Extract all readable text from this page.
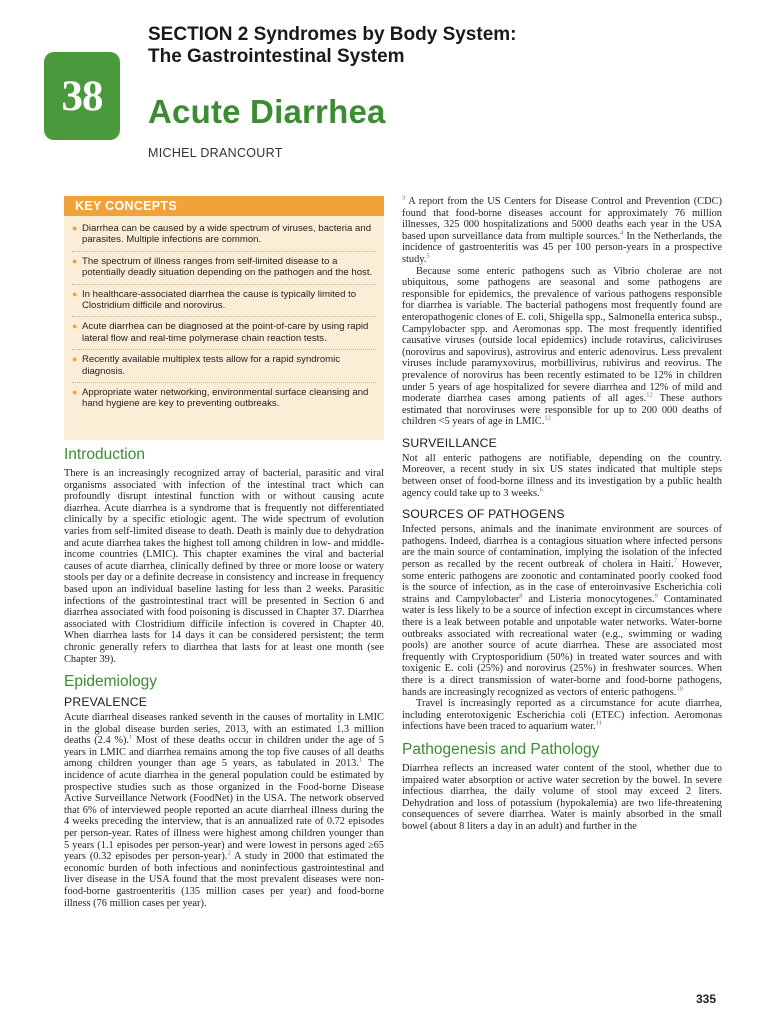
38
SECTION 2 Syndromes by Body System:
The Gastrointestinal System
Acute Diarrhea
MICHEL DRANCOURT
KEY CONCEPTS
● Diarrhea can be caused by a wide spectrum of viruses, bacteria and parasites. Multiple infections are common.
● The spectrum of illness ranges from self-limited disease to a potentially deadly situation depending on the pathogen and the host.
● In healthcare-associated diarrhea the cause is typically limited to Clostridium difficile and norovirus.
● Acute diarrhea can be diagnosed at the point-of-care by using rapid lateral flow and real-time polymerase chain reaction tests.
● Recently available multiplex tests allow for a rapid syndromic diagnosis.
● Appropriate water networking, environmental surface cleansing and hand hygiene are key to preventing outbreaks.
Introduction

There is an increasingly recognized array of bacterial, parasitic and viral organisms associated with infection of the intestinal tract which can profoundly disrupt intestinal function with or without causing acute diarrhea. Acute diarrhea is a syndrome that is frequently not differentiated clinically by a specific etiologic agent. The wide spectrum of evolution varies from self-limited disease to death. Death is mainly due to dehydration and acute diarrhea takes the highest toll among children in low- and middle-income countries (LMIC). This chapter examines the viral and bacterial causes of acute diarrhea, clinically defined by three or more loose or watery stools per day or a definite decrease in consistency and increase in frequency based upon an individual baseline lasting for less than 2 weeks. Parasitic infections of the gastrointestinal tract will be presented in Section 6 and diarrhea associated with food poisoning is discussed in Chapter 37. Diarrhea associated with Clostridium difficile infection is covered in Chapter 40. When diarrhea lasts for 14 days it can be considered persistent; the term chronic generally refers to diarrhea that lasts for at least one month (see Chapter 39).

Epidemiology
PREVALENCE

Acute diarrheal diseases ranked seventh in the causes of mortality in LMIC in the global disease burden series, 2013, with an estimated 1.3 million deaths (2.4 %).$^1$ Most of these deaths occur in children under the age of 5 years in LMIC and diarrhea remains among the top five causes of all deaths among children younger than age 5 years, as tabulated in 2013.$^1$ The incidence of acute diarrhea in the general population could be estimated by prospective studies such as those organized in the Food-borne Disease Active Surveillance Network (FoodNet) in the USA. The network observed that 6% of interviewed people reported an acute diarrheal illness during the 4 weeks preceding the interview, that is an annualized rate of 0.72 episodes per person-year. Rates of illness were highest among children younger than 5 years (1.1 episodes per person-year) and were lowest in persons aged ≥65 years (0.32 episodes per person-year).$^2$ A study in 2000 that estimated the economic burden of both infectious and noninfectious gastrointestinal and liver disease in the USA found that the most prevalent diseases were non-food-borne gastroenteritis (135 million cases per year) and food-borne illness (76 million cases per year).

$^3$ A report from the US Centers for Disease Control and Prevention (CDC) found that food-borne diseases account for approximately 76 million illnesses, 325 000 hospitalizations and 5000 deaths each year in the USA based upon surveillance data from multiple sources.$^4$ In the Netherlands, the incidence of gastroenteritis was 45 per 100 person-years in a prospective study.$^5$

Because some enteric pathogens such as Vibrio cholerae are not ubiquitous, some pathogens are seasonal and some pathogens are responsible for epidemics, the prevalence of various pathogens responsible for diarrhea is variable. The bacterial pathogens most frequently found are enteropathogenic clones of E. coli, Shigella spp., Salmonella enterica subsp., Campylobacter spp. and Aeromonas spp. The most frequently identified causative viruses (outside local epidemics) include rotavirus, caliciviruses (norovirus and sapovirus), astrovirus and enteric adenovirus. Less prevalent viruses include paramyxovirus, morbillivirus, rubivirus and reovirus. The prevalence of norovirus has been recently estimated to be 12% in children under 5 years of age hospitalized for severe diarrhea and 12% of mild and moderate diarrhea cases among patients of all ages.$^{12}$ These authors estimated that noroviruses were responsible for up to 200 000 deaths of children <5 years of age in LMIC.$^{12}$

SURVEILLANCE

Not all enteric pathogens are notifiable, depending on the country. Moreover, a recent study in six US states indicated that multiple steps between onset of food-borne illness and its investigation by a public health agency could take up to 3 weeks.$^6$

SOURCES OF PATHOGENS

Infected persons, animals and the inanimate environment are sources of pathogens. Indeed, diarrhea is a contagious situation where infected persons are the main source of contamination, implying the isolation of the infected person as recalled by the recent outbreak of cholera in Haiti.$^7$ However, some enteric pathogens are zoonotic and contaminated poorly cooked food is the source of infection, as in the case of enteroinvasive Escherichia coli strains and Campylobacter$^8$ and Listeria monocytogenes.$^9$ Contaminated water is less likely to be a source of infection except in circumstances where there is a leak between potable and unpotable water networks. Water-borne outbreaks associated with recreational water (e.g., swimming or wading pools) are another source of acute diarrhea. These are associated most frequently with Cryptosporidium (50%) in treated water sources and with toxigenic E. coli (25%) and norovirus (25%) in freshwater sources. When there is a direct transmission of water-borne and food-borne pathogens, hands are increasingly recognized as vectors of enteric pathogens.$^{10}$

Travel is increasingly reported as a circumstance for acute diarrhea, including enterotoxigenic Escherichia coli (ETEC) infection. Aeromonas infections have been traced to aquarium water.$^{11}$

Pathogenesis and Pathology

Diarrhea reflects an increased water content of the stool, whether due to impaired water absorption or active water secretion by the bowel. In severe infectious diarrhea, the daily volume of stool may exceed 2 liters. Dehydration and loss of potassium (hypokalemia) are two life-threatening consequences of severe diarrhea. Water is mainly absorbed in the small bowel (about 8 liters a day in an adult) and further in the

335
